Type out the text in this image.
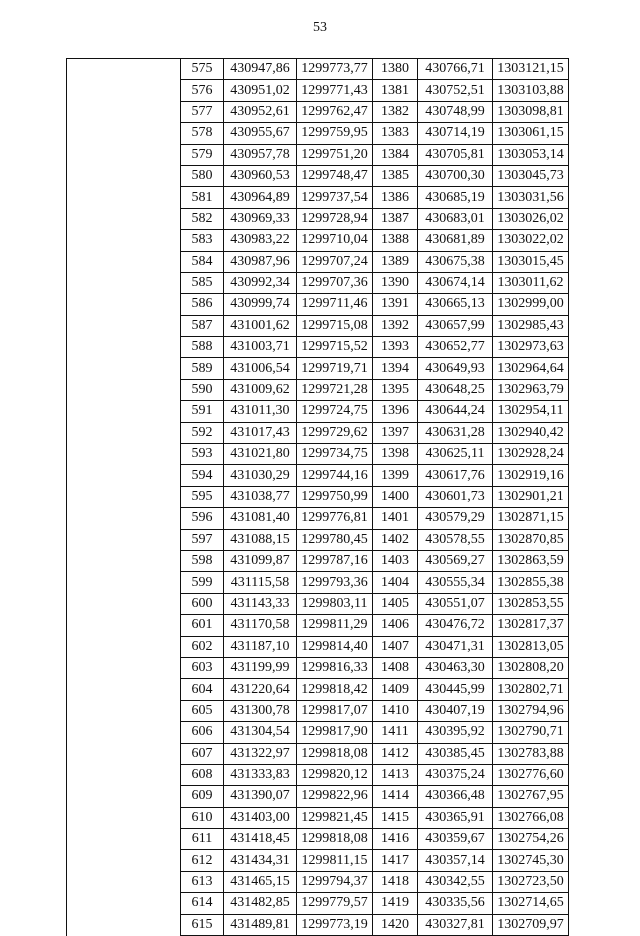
53
	575	430947,86	1299773,77	1380	430766,71	1303121,15
	576	430951,02	1299771,43	1381	430752,51	1303103,88
	577	430952,61	1299762,47	1382	430748,99	1303098,81
	578	430955,67	1299759,95	1383	430714,19	1303061,15
	579	430957,78	1299751,20	1384	430705,81	1303053,14
	580	430960,53	1299748,47	1385	430700,30	1303045,73
	581	430964,89	1299737,54	1386	430685,19	1303031,56
	582	430969,33	1299728,94	1387	430683,01	1303026,02
	583	430983,22	1299710,04	1388	430681,89	1303022,02
	584	430987,96	1299707,24	1389	430675,38	1303015,45
	585	430992,34	1299707,36	1390	430674,14	1303011,62
	586	430999,74	1299711,46	1391	430665,13	1302999,00
	587	431001,62	1299715,08	1392	430657,99	1302985,43
	588	431003,71	1299715,52	1393	430652,77	1302973,63
	589	431006,54	1299719,71	1394	430649,93	1302964,64
	590	431009,62	1299721,28	1395	430648,25	1302963,79
	591	431011,30	1299724,75	1396	430644,24	1302954,11
	592	431017,43	1299729,62	1397	430631,28	1302940,42
	593	431021,80	1299734,75	1398	430625,11	1302928,24
	594	431030,29	1299744,16	1399	430617,76	1302919,16
	595	431038,77	1299750,99	1400	430601,73	1302901,21
	596	431081,40	1299776,81	1401	430579,29	1302871,15
	597	431088,15	1299780,45	1402	430578,55	1302870,85
	598	431099,87	1299787,16	1403	430569,27	1302863,59
	599	431115,58	1299793,36	1404	430555,34	1302855,38
	600	431143,33	1299803,11	1405	430551,07	1302853,55
	601	431170,58	1299811,29	1406	430476,72	1302817,37
	602	431187,10	1299814,40	1407	430471,31	1302813,05
	603	431199,99	1299816,33	1408	430463,30	1302808,20
	604	431220,64	1299818,42	1409	430445,99	1302802,71
	605	431300,78	1299817,07	1410	430407,19	1302794,96
	606	431304,54	1299817,90	1411	430395,92	1302790,71
	607	431322,97	1299818,08	1412	430385,45	1302783,88
	608	431333,83	1299820,12	1413	430375,24	1302776,60
	609	431390,07	1299822,96	1414	430366,48	1302767,95
	610	431403,00	1299821,45	1415	430365,91	1302766,08
	611	431418,45	1299818,08	1416	430359,67	1302754,26
	612	431434,31	1299811,15	1417	430357,14	1302745,30
	613	431465,15	1299794,37	1418	430342,55	1302723,50
	614	431482,85	1299779,57	1419	430335,56	1302714,65
	615	431489,81	1299773,19	1420	430327,81	1302709,97
